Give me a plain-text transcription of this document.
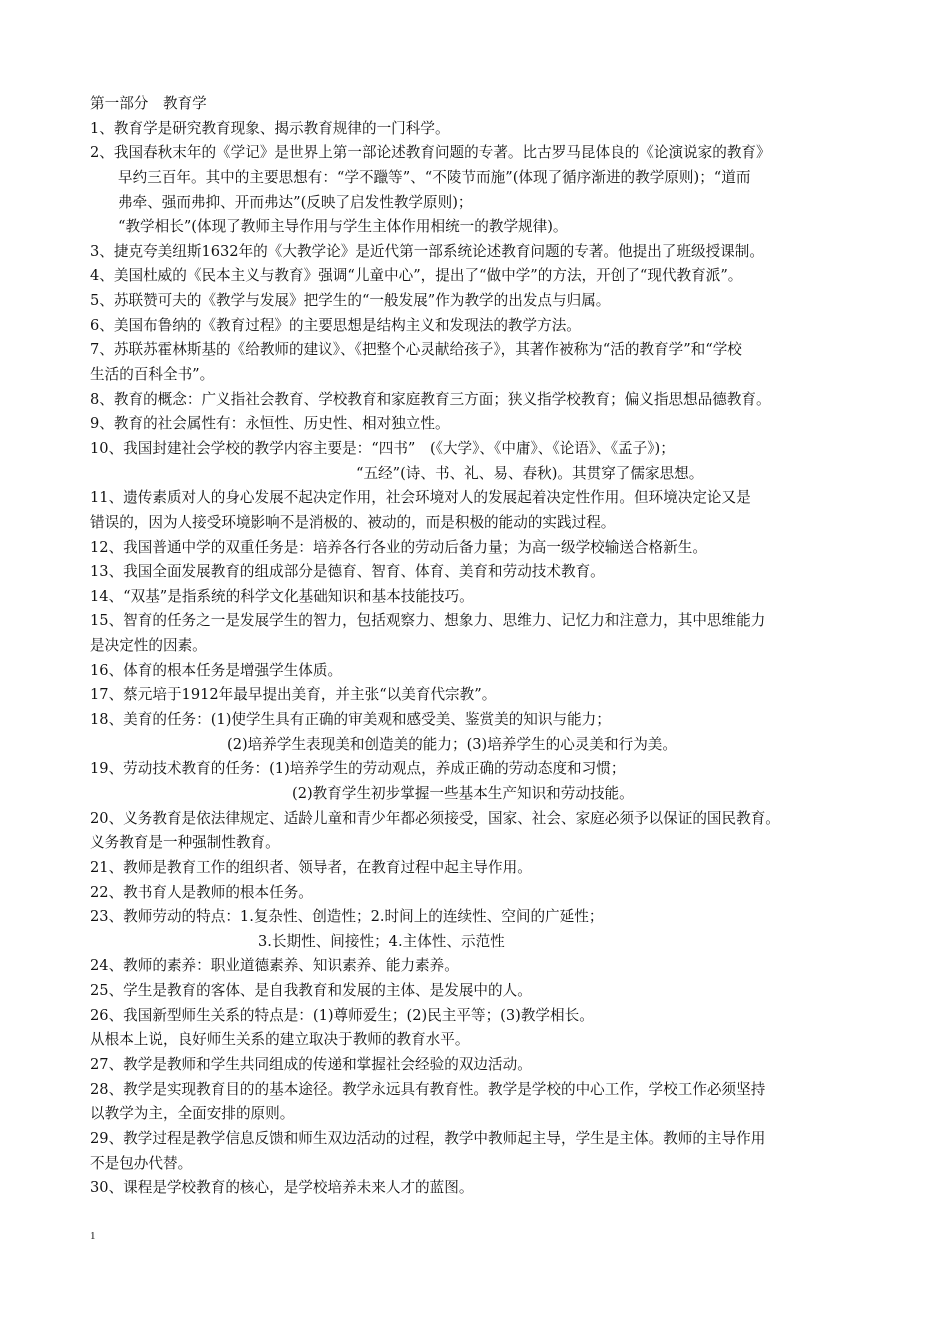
第一部分　教育学
1、教育学是研究教育现象、揭示教育规律的一门科学。
2、我国春秋末年的《学记》是世界上第一部论述教育问题的专著。比古罗马昆体良的《论演说家的教育》
早约三百年。其中的主要思想有：“学不躐等”、“不陵节而施”(体现了循序渐进的教学原则)；“道而
弗牵、强而弗抑、开而弗达”(反映了启发性教学原则)；
“教学相长”(体现了教师主导作用与学生主体作用相统一的教学规律)。
3、捷克夸美纽斯1632年的《大教学论》是近代第一部系统论述教育问题的专著。他提出了班级授课制。
4、美国杜威的《民本主义与教育》强调“儿童中心”，提出了“做中学”的方法，开创了“现代教育派”。
5、苏联赞可夫的《教学与发展》把学生的“一般发展”作为教学的出发点与归属。
6、美国布鲁纳的《教育过程》的主要思想是结构主义和发现法的教学方法。
7、苏联苏霍林斯基的《给教师的建议》、《把整个心灵献给孩子》，其著作被称为“活的教育学”和“学校
生活的百科全书”。
8、教育的概念：广义指社会教育、学校教育和家庭教育三方面；狭义指学校教育；偏义指思想品德教育。
9、教育的社会属性有：永恒性、历史性、相对独立性。
10、我国封建社会学校的教学内容主要是：“四书”　(《大学》、《中庸》、《论语》、《孟子》)；
“五经”(诗、书、礼、易、春秋)。其贯穿了儒家思想。
11、遗传素质对人的身心发展不起决定作用，社会环境对人的发展起着决定性作用。但环境决定论又是
错误的，因为人接受环境影响不是消极的、被动的，而是积极的能动的实践过程。
12、我国普通中学的双重任务是：培养各行各业的劳动后备力量；为高一级学校输送合格新生。
13、我国全面发展教育的组成部分是德育、智育、体育、美育和劳动技术教育。
14、“双基”是指系统的科学文化基础知识和基本技能技巧。
15、智育的任务之一是发展学生的智力，包括观察力、想象力、思维力、记忆力和注意力，其中思维能力
是决定性的因素。
16、体育的根本任务是增强学生体质。
17、蔡元培于1912年最早提出美育，并主张“以美育代宗教”。
18、美育的任务：(1)使学生具有正确的审美观和感受美、鉴赏美的知识与能力；
(2)培养学生表现美和创造美的能力；(3)培养学生的心灵美和行为美。
19、劳动技术教育的任务：(1)培养学生的劳动观点，养成正确的劳动态度和习惯；
(2)教育学生初步掌握一些基本生产知识和劳动技能。
20、义务教育是依法律规定、适龄儿童和青少年都必须接受，国家、社会、家庭必须予以保证的国民教育。
义务教育是一种强制性教育。
21、教师是教育工作的组织者、领导者，在教育过程中起主导作用。
22、教书育人是教师的根本任务。
23、教师劳动的特点：1.复杂性、创造性；2.时间上的连续性、空间的广延性；
3.长期性、间接性；4.主体性、示范性
24、教师的素养：职业道德素养、知识素养、能力素养。
25、学生是教育的客体、是自我教育和发展的主体、是发展中的人。
26、我国新型师生关系的特点是：(1)尊师爱生；(2)民主平等；(3)教学相长。
从根本上说，良好师生关系的建立取决于教师的教育水平。
27、教学是教师和学生共同组成的传递和掌握社会经验的双边活动。
28、教学是实现教育目的的基本途径。教学永远具有教育性。教学是学校的中心工作，学校工作必须坚持
以教学为主，全面安排的原则。
29、教学过程是教学信息反馈和师生双边活动的过程，教学中教师起主导，学生是主体。教师的主导作用
不是包办代替。
30、课程是学校教育的核心，是学校培养未来人才的蓝图。
1
